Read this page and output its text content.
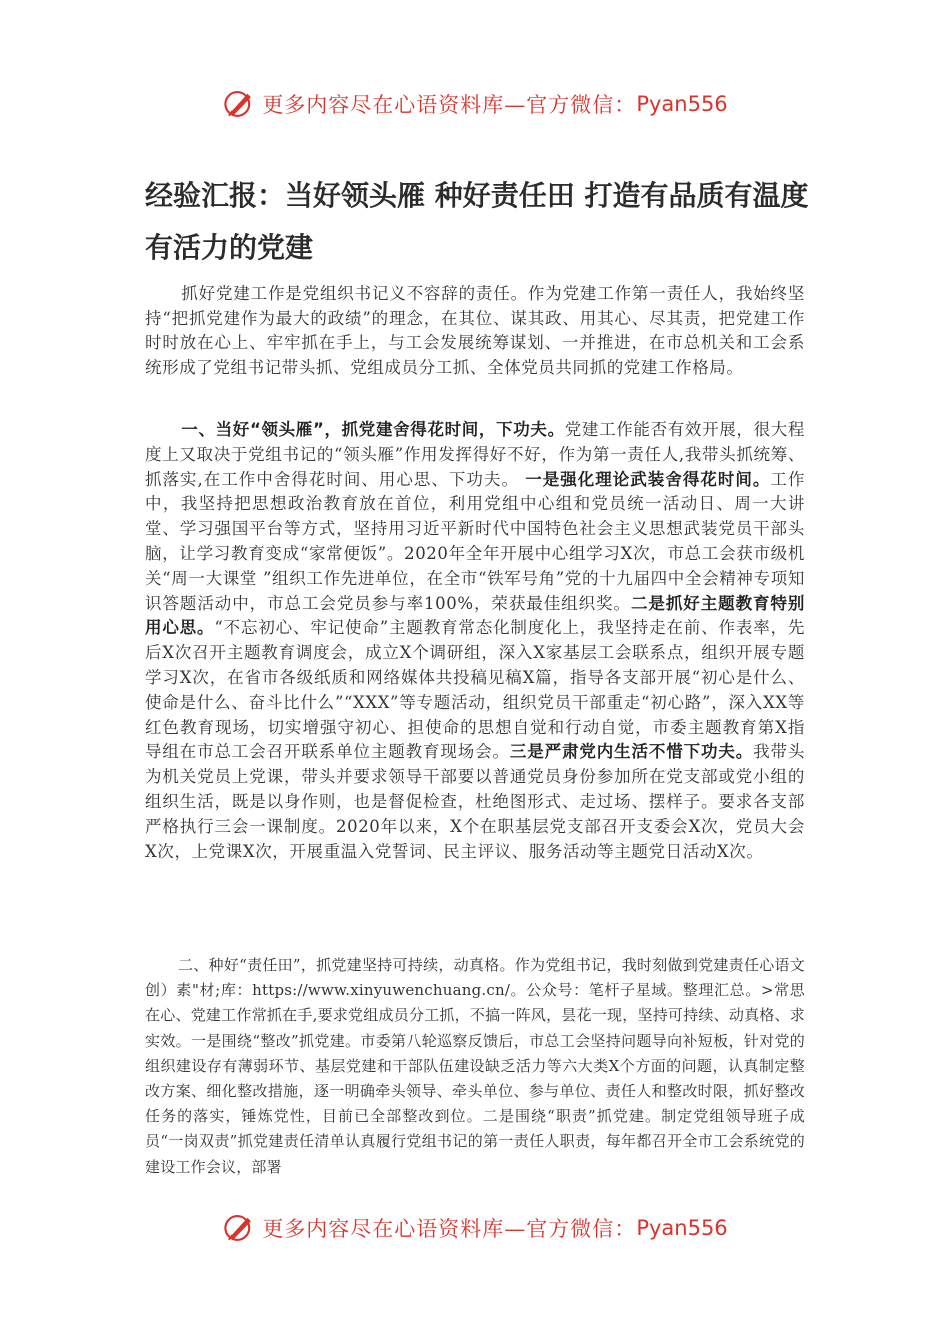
更多内容尽在心语资料库—官方微信： Pyan556
经验汇报：当好领头雁 种好责任田 打造有品质有温度有活力的党建

抓好党建工作是党组织书记义不容辞的责任。作为党建工作第一责任人，我始终坚持“把抓党建作为最大的政绩”的理念，在其位、谋其政、用其心、尽其责，把党建工作时时放在心上、牢牢抓在手上，与工会发展统筹谋划、一并推进，在市总机关和工会系统形成了党组书记带头抓、党组成员分工抓、全体党员共同抓的党建工作格局。

一、当好“领头雁”，抓党建舍得花时间，下功夫。党建工作能否有效开展，很大程度上又取决于党组书记的“领头雁”作用发挥得好不好，作为第一责任人,我带头抓统筹、抓落实,在工作中舍得花时间、用心思、下功夫。 一是强化理论武装舍得花时间。工作中，我坚持把思想政治教育放在首位，利用党组中心组和党员统一活动日、周一大讲堂、学习强国平台等方式，坚持用习近平新时代中国特色社会主义思想武装党员干部头脑，让学习教育变成“家常便饭”。2020年全年开展中心组学习X次，市总工会获市级机关“周一大课堂 ”组织工作先进单位，在全市“铁军号角”党的十九届四中全会精神专项知识答题活动中，市总工会党员参与率100%，荣获最佳组织奖。二是抓好主题教育特别用心思。“不忘初心、牢记使命”主题教育常态化制度化上，我坚持走在前、作表率，先后X次召开主题教育调度会，成立X个调研组，深入X家基层工会联系点，组织开展专题学习X次，在省市各级纸质和网络媒体共投稿见稿X篇，指导各支部开展“初心是什么、使命是什么、奋斗比什么”“XXX”等专题活动，组织党员干部重走“初心路”，深入XX等红色教育现场，切实增强守初心、担使命的思想自觉和行动自觉，市委主题教育第X指导组在市总工会召开联系单位主题教育现场会。三是严肃党内生活不惜下功夫。我带头为机关党员上党课，带头并要求领导干部要以普通党员身份参加所在党支部或党小组的组织生活，既是以身作则，也是督促检查，杜绝图形式、走过场、摆样子。要求各支部严格执行三会一课制度。2020年以来，X个在职基层党支部召开支委会X次，党员大会X次，上党课X次，开展重温入党誓词、民主评议、服务活动等主题党日活动X次。

二、种好“责任田”，抓党建坚持可持续，动真格。作为党组书记，我时刻做到党建责任心语文创）素"材;库：https://www.xinyuwenchuang.cn/。公众号：笔杆子星域。整理汇总。>常思在心、党建工作常抓在手,要求党组成员分工抓，不搞一阵风，昙花一现，坚持可持续、动真格、求实效。一是围绕“整改”抓党建。市委第八轮巡察反馈后，市总工会坚持问题导向补短板，针对党的组织建设存有薄弱环节、基层党建和干部队伍建设缺乏活力等六大类X个方面的问题，认真制定整改方案、细化整改措施，逐一明确牵头领导、牵头单位、参与单位、责任人和整改时限，抓好整改任务的落实，锤炼党性，目前已全部整改到位。二是围绕“职责”抓党建。制定党组领导班子成员“一岗双责”抓党建责任清单认真履行党组书记的第一责任人职责，每年都召开全市工会系统党的建设工作会议，部署

更多内容尽在心语资料库—官方微信： Pyan556
